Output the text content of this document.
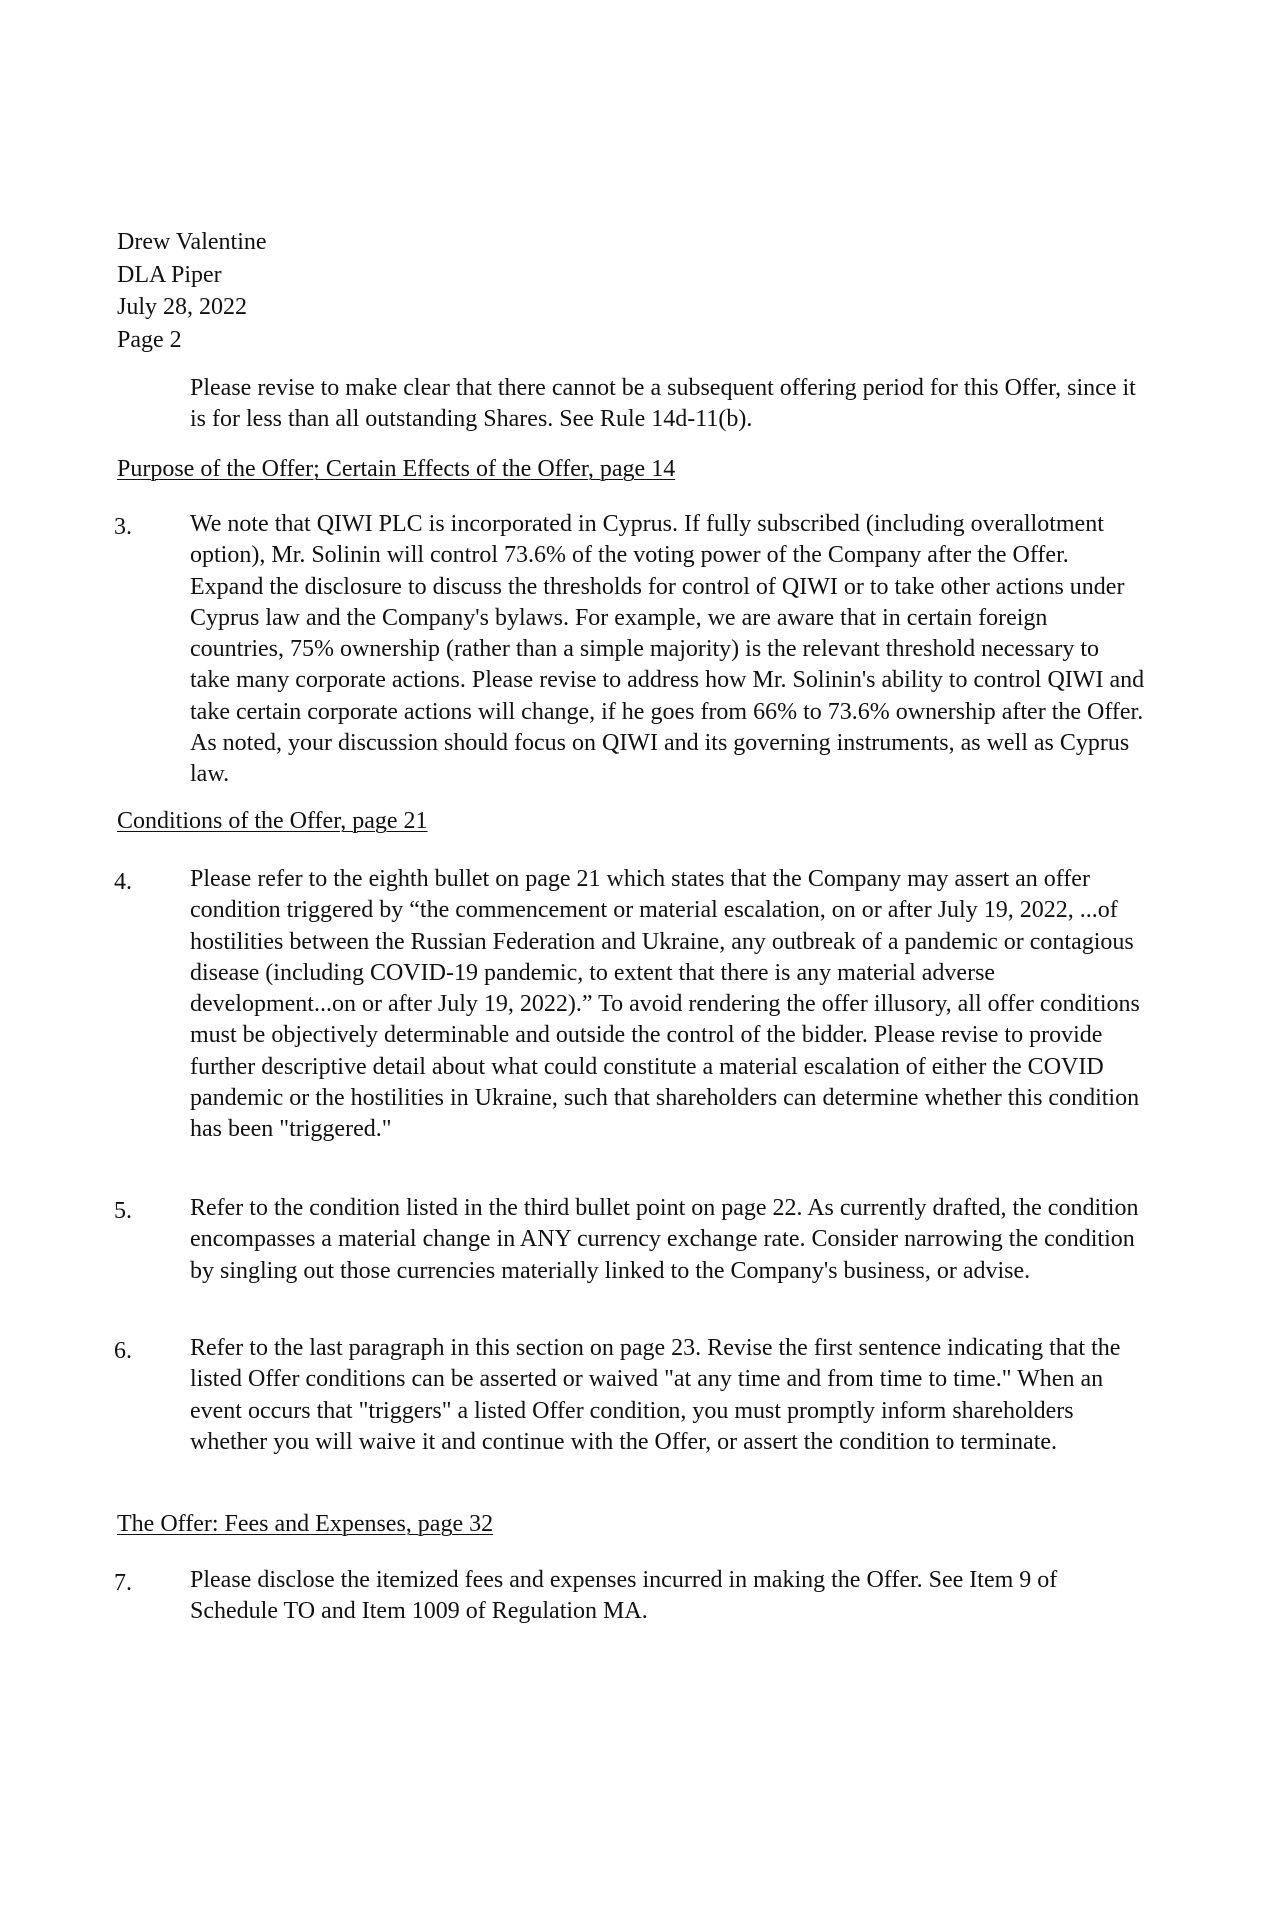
Drew Valentine
DLA Piper
July 28, 2022
Page 2
Please revise to make clear that there cannot be a subsequent offering period for this Offer, since it is for less than all outstanding Shares. See Rule 14d-11(b).
Purpose of the Offer; Certain Effects of the Offer, page 14
3. We note that QIWI PLC is incorporated in Cyprus. If fully subscribed (including overallotment option), Mr. Solinin will control 73.6% of the voting power of the Company after the Offer. Expand the disclosure to discuss the thresholds for control of QIWI or to take other actions under Cyprus law and the Company's bylaws. For example, we are aware that in certain foreign countries, 75% ownership (rather than a simple majority) is the relevant threshold necessary to take many corporate actions. Please revise to address how Mr. Solinin's ability to control QIWI and take certain corporate actions will change, if he goes from 66% to 73.6% ownership after the Offer. As noted, your discussion should focus on QIWI and its governing instruments, as well as Cyprus law.
Conditions of the Offer, page 21
4. Please refer to the eighth bullet on page 21 which states that the Company may assert an offer condition triggered by “the commencement or material escalation, on or after July 19, 2022, ...of hostilities between the Russian Federation and Ukraine, any outbreak of a pandemic or contagious disease (including COVID-19 pandemic, to extent that there is any material adverse development...on or after July 19, 2022).” To avoid rendering the offer illusory, all offer conditions must be objectively determinable and outside the control of the bidder. Please revise to provide further descriptive detail about what could constitute a material escalation of either the COVID pandemic or the hostilities in Ukraine, such that shareholders can determine whether this condition has been "triggered."
5. Refer to the condition listed in the third bullet point on page 22. As currently drafted, the condition encompasses a material change in ANY currency exchange rate. Consider narrowing the condition by singling out those currencies materially linked to the Company's business, or advise.
6. Refer to the last paragraph in this section on page 23. Revise the first sentence indicating that the listed Offer conditions can be asserted or waived "at any time and from time to time." When an event occurs that "triggers" a listed Offer condition, you must promptly inform shareholders whether you will waive it and continue with the Offer, or assert the condition to terminate.
The Offer: Fees and Expenses, page 32
7. Please disclose the itemized fees and expenses incurred in making the Offer. See Item 9 of Schedule TO and Item 1009 of Regulation MA.
